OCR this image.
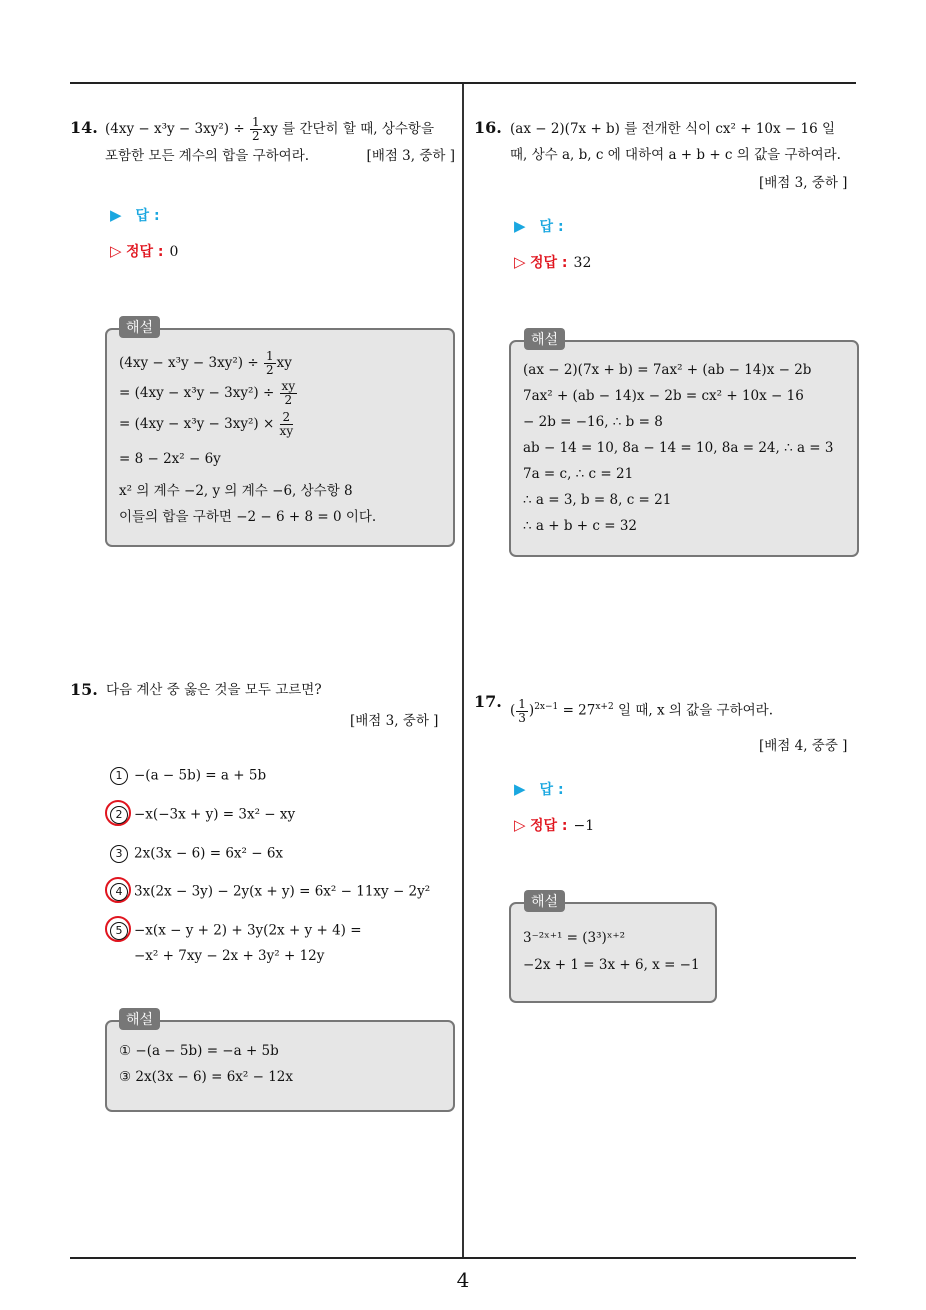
4
14. $(4xy - x^3y - 3xy^2) \div \frac{1}{2}$ xy 를 간단히 할 때, 상수항을
포함한 모든 계수의 합을 구하여라.	[배점 3, 중하 ]
▶ 답 :
▷ 정답 : 0
해설
$(4xy - x^3y - 3xy^2) \div \frac{1}{2}$ xy
= $(4xy - x^3y - 3xy^2) \div \frac{xy}{2}$
= $(4xy - x^3y - 3xy^2) \times \frac{2}{xy}$
= 8 − 2x² − 6y
x² 의 계수 −2, y 의 계수 −6, 상수항 8
이들의 합을 구하면 −2 − 6 + 8 = 0 이다.
15. 다음 계산 중 옳은 것을 모두 고르면?
[배점 3, 중하 ]
1 −(a − 5b) = a + 5b
2 −x(−3x + y) = 3x² − xy
3 2x(3x − 6) = 6x² − 6x
4 3x(2x − 3y) − 2y(x + y) = 6x² − 11xy − 2y²
5 −x(x − y + 2) + 3y(2x + y + 4) =
−x² + 7xy − 2x + 3y² + 12y
해설
① −(a − 5b) = −a + 5b
③ 2x(3x − 6) = 6x² − 12x
16. (ax − 2)(7x + b) 를 전개한 식이 cx² + 10x − 16 일
때, 상수 a, b, c 에 대하여 a + b + c 의 값을 구하여라.
[배점 3, 중하 ]
▶ 답 :
▷ 정답 : 32
해설
(ax − 2)(7x + b) = 7ax² + (ab − 14)x − 2b
7ax² + (ab − 14)x − 2b = cx² + 10x − 16
− 2b = −16, ∴ b = 8
ab − 14 = 10, 8a − 14 = 10, 8a = 24, ∴ a = 3
7a = c, ∴ c = 21
∴ a = 3, b = 8, c = 21
∴ a + b + c = 32
17. ( $\frac{1}{3} )^{2x-1} = 27^{x+2}$ 일 때, x 의 값을 구하여라.
[배점 4, 중중 ]
▶ 답 :
▷ 정답 : −1
해설
3⁻²ˣ⁺¹ = (3³)ˣ⁺²
−2x + 1 = 3x + 6, x = −1
